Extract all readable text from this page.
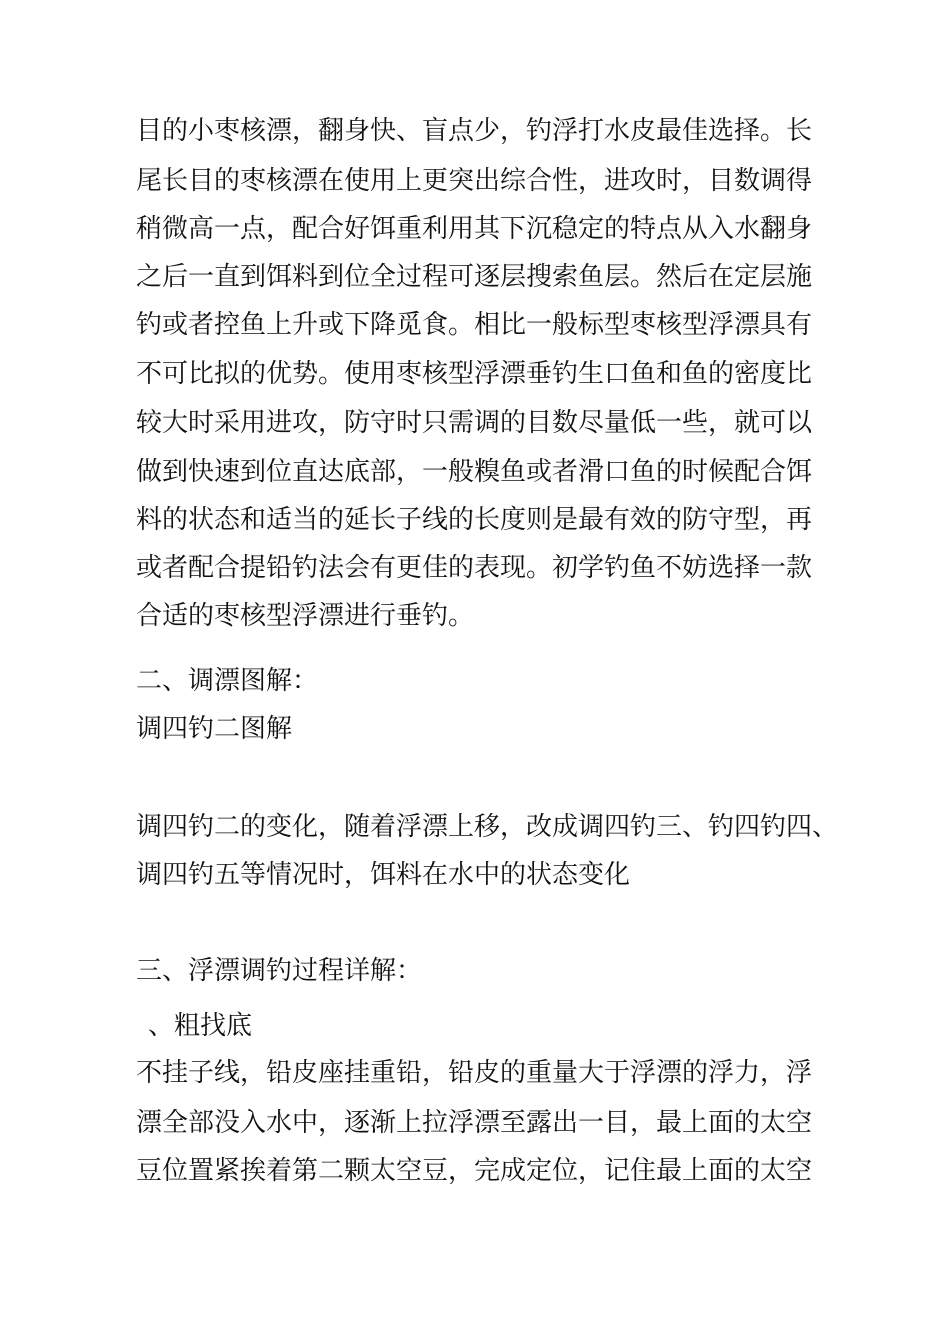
目的小枣核漂，翻身快、盲点少，钓浮打水皮最佳选择。长
尾长目的枣核漂在使用上更突出综合性，进攻时，目数调得
稍微高一点，配合好饵重利用其下沉稳定的特点从入水翻身
之后一直到饵料到位全过程可逐层搜索鱼层。然后在定层施
钓或者控鱼上升或下降觅食。相比一般标型枣核型浮漂具有
不可比拟的优势。使用枣核型浮漂垂钓生口鱼和鱼的密度比
较大时采用进攻，防守时只需调的目数尽量低一些，就可以
做到快速到位直达底部，一般糗鱼或者滑口鱼的时候配合饵
料的状态和适当的延长子线的长度则是最有效的防守型，再
或者配合提铅钓法会有更佳的表现。初学钓鱼不妨选择一款
合适的枣核型浮漂进行垂钓。
二、调漂图解：
调四钓二图解
调四钓二的变化，随着浮漂上移，改成调四钓三、钓四钓四、
调四钓五等情况时，饵料在水中的状态变化
三、浮漂调钓过程详解：
、粗找底
不挂子线，铅皮座挂重铅，铅皮的重量大于浮漂的浮力，浮
漂全部没入水中，逐渐上拉浮漂至露出一目，最上面的太空
豆位置紧挨着第二颗太空豆，完成定位，记住最上面的太空
